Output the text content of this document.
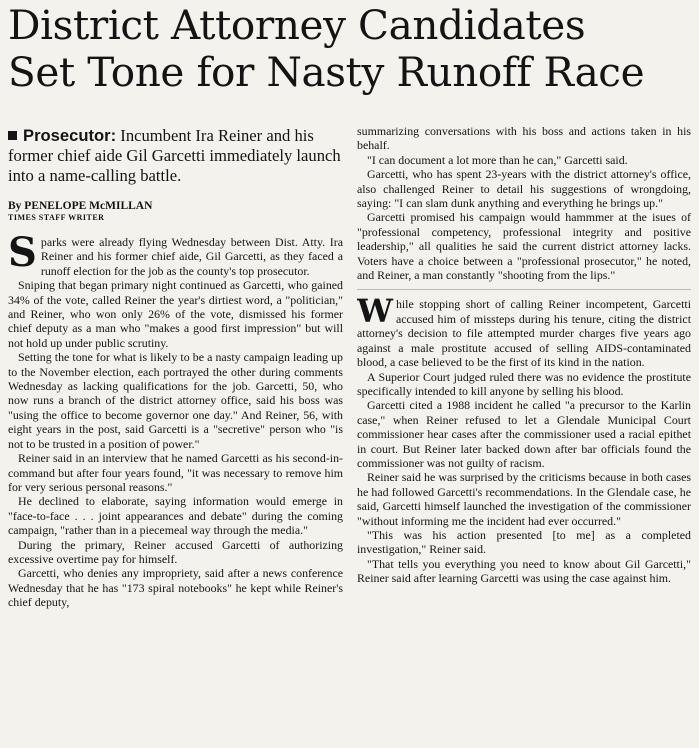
District Attorney Candidates
Set Tone for Nasty Runoff Race
Prosecutor: Incumbent Ira Reiner and his former chief aide Gil Garcetti immediately launch into a name-calling battle.
By PENELOPE McMILLAN
TIMES STAFF WRITER

Sparks were already flying Wednesday between Dist. Atty. Ira Reiner and his former chief aide, Gil Garcetti, as they faced a runoff election for the job as the county's top prosecutor.

Sniping that began primary night continued as Garcetti, who gained 34% of the vote, called Reiner the year's dirtiest word, a "politician," and Reiner, who won only 26% of the vote, dismissed his former chief deputy as a man who "makes a good first impression" but will not hold up under public scrutiny.

Setting the tone for what is likely to be a nasty campaign leading up to the November election, each portrayed the other during comments Wednesday as lacking qualifications for the job. Garcetti, 50, who now runs a branch of the district attorney office, said his boss was "using the office to become governor one day." And Reiner, 56, with eight years in the post, said Garcetti is a "secretive" person who "is not to be trusted in a position of power."

Reiner said in an interview that he named Garcetti as his second-in-command but after four years found, "it was necessary to remove him for very serious personal reasons."

He declined to elaborate, saying information would emerge in "face-to-face . . . joint appearances and debate" during the coming campaign, "rather than in a piecemeal way through the media."

During the primary, Reiner accused Garcetti of authorizing excessive overtime pay for himself.

Garcetti, who denies any impropriety, said after a news conference Wednesday that he has "173 spiral notebooks" he kept while Reiner's chief deputy,

summarizing conversations with his boss and actions taken in his behalf.

"I can document a lot more than he can," Garcetti said.

Garcetti, who has spent 23-years with the district attorney's office, also challenged Reiner to detail his suggestions of wrongdoing, saying: "I can slam dunk anything and everything he brings up."

Garcetti promised his campaign would hammmer at the isues of "professional competency, professional integrity and positive leadership," all qualities he said the current district attorney lacks. Voters have a choice between a "professional prosecutor," he noted, and Reiner, a man constantly "shooting from the lips."

While stopping short of calling Reiner incompetent, Garcetti accused him of missteps during his tenure, citing the district attorney's decision to file attempted murder charges five years ago against a male prostitute accused of selling AIDS-contaminated blood, a case believed to be the first of its kind in the nation.

A Superior Court judged ruled there was no evidence the prostitute specifically intended to kill anyone by selling his blood.

Garcetti cited a 1988 incident he called "a precursor to the Karlin case," when Reiner refused to let a Glendale Municipal Court commissioner hear cases after the commissioner used a racial epithet in court. But Reiner later backed down after bar officials found the commissioner was not guilty of racism.

Reiner said he was surprised by the criticisms because in both cases he had followed Garcetti's recommendations. In the Glendale case, he said, Garcetti himself launched the investigation of the commissioner "without informing me the incident had ever occurred."

"This was his action presented [to me] as a completed investigation," Reiner said.

"That tells you everything you need to know about Gil Garcetti," Reiner said after learning Garcetti was using the case against him.
